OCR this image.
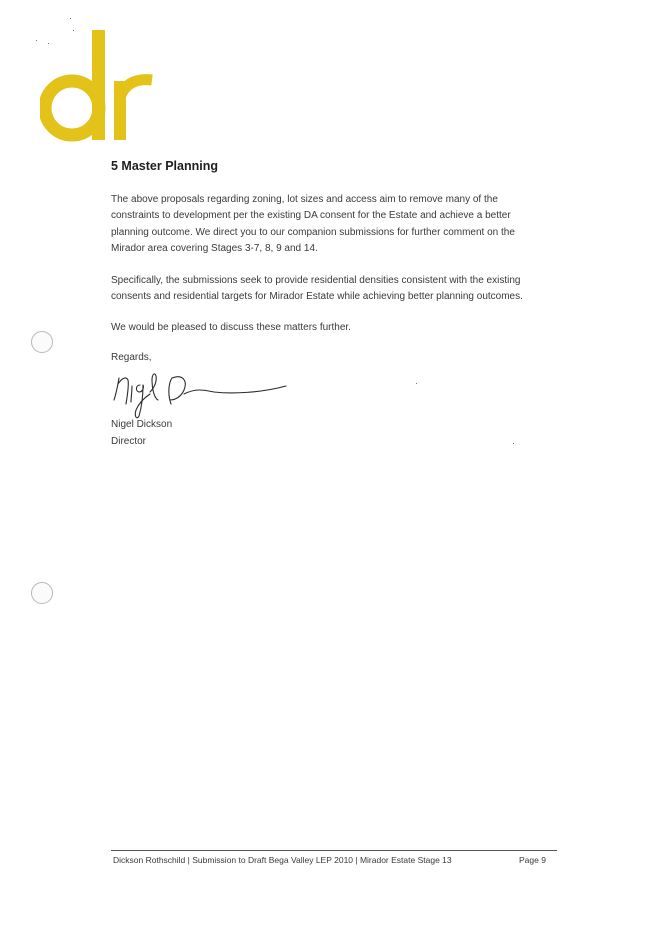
5 Master Planning

The above proposals regarding zoning, lot sizes and access aim to remove many of the
constraints to development per the existing DA consent for the Estate and achieve a better
planning outcome. We direct you to our companion submissions for further comment on the
Mirador area covering Stages 3-7, 8, 9 and 14.

Specifically, the submissions seek to provide residential densities consistent with the existing
consents and residential targets for Mirador Estate while achieving better planning outcomes.

We would be pleased to discuss these matters further.

Regards,
Nigel Dickson
Director
Dickson Rothschild | Submission to Draft Bega Valley LEP 2010 | Mirador Estate Stage 13	Page 9
